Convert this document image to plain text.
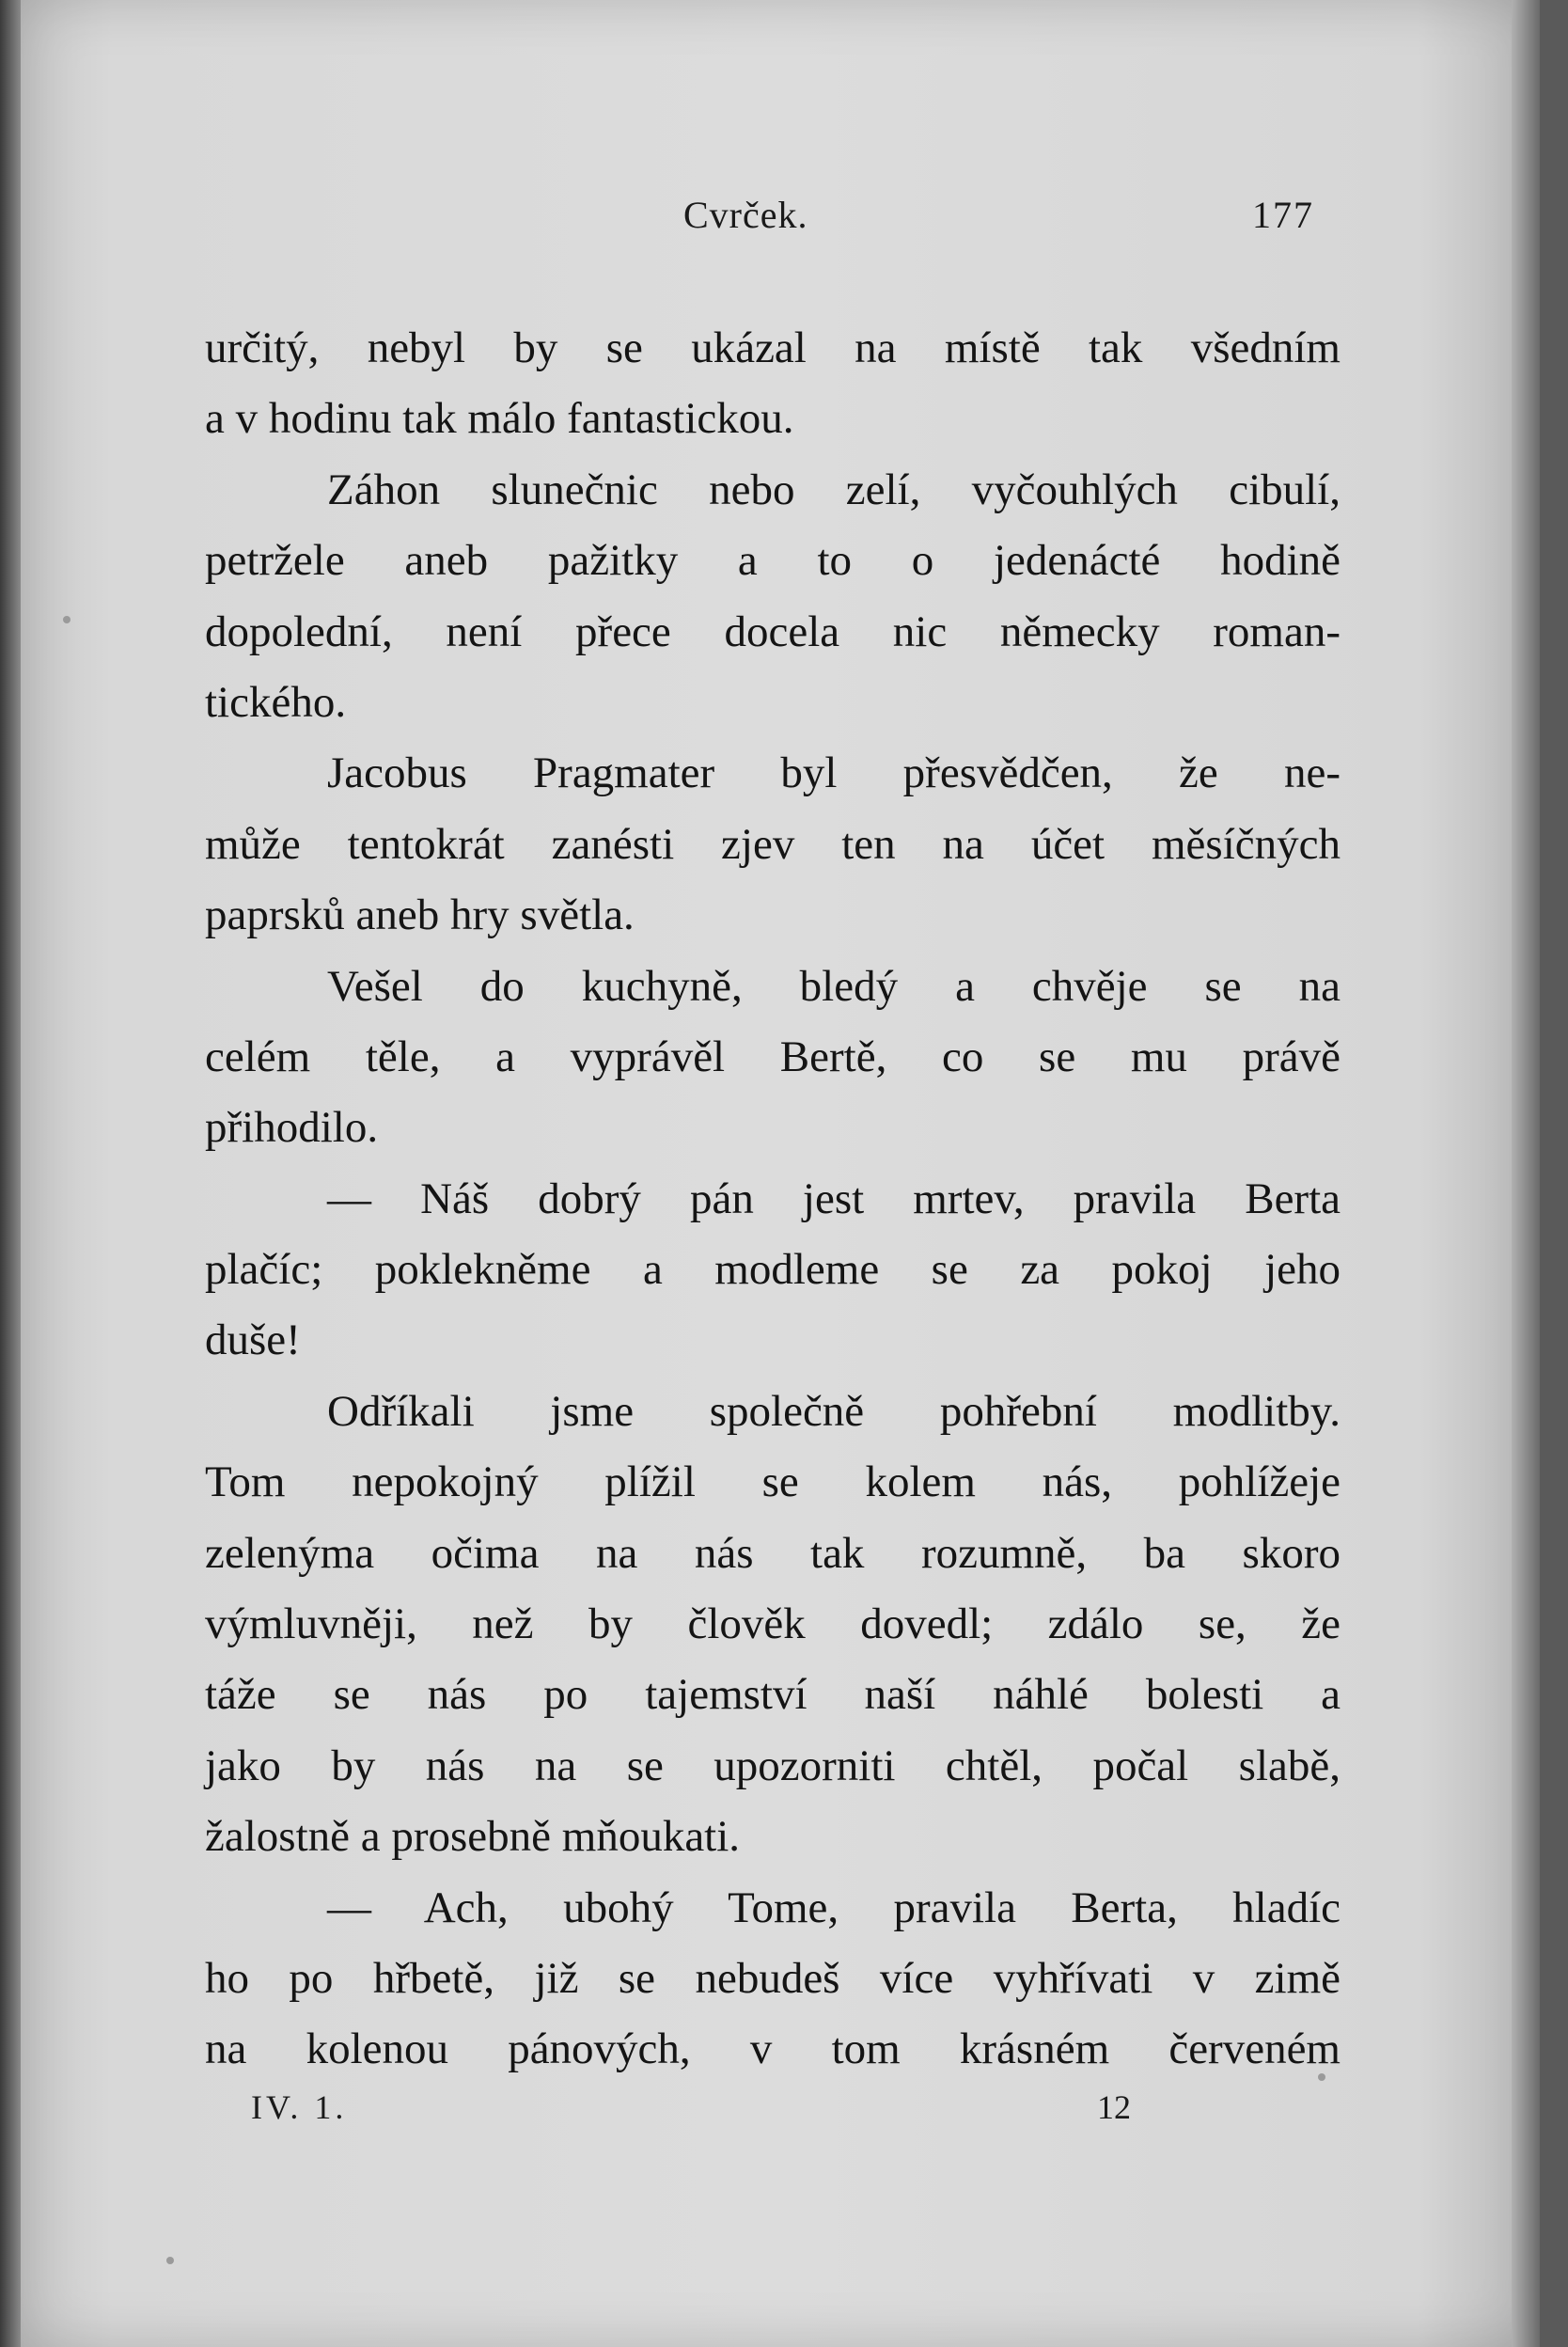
Cvrček.	177
určitý, nebyl by se ukázal na místě tak všedním
a v hodinu tak málo fantastickou.
Záhon slunečnic nebo zelí, vyčouhlých cibulí,
petržele aneb pažitky a to o jedenácté hodině
dopolední, není přece docela nic německy roman-
tického.
Jacobus Pragmater byl přesvědčen, že ne-
může tentokrát zanésti zjev ten na účet měsíčných
paprsků aneb hry světla.
Vešel do kuchyně, bledý a chvěje se na
celém těle, a vyprávěl Bertě, co se mu právě
přihodilo.
— Náš dobrý pán jest mrtev, pravila Berta
plačíc; poklekněme a modleme se za pokoj jeho
duše!
Odříkali jsme společně pohřební modlitby.
Tom nepokojný plížil se kolem nás, pohlížeje
zelenýma očima na nás tak rozumně, ba skoro
výmluvněji, než by člověk dovedl; zdálo se, že
táže se nás po tajemství naší náhlé bolesti a
jako by nás na se upozorniti chtěl, počal slabě,
žalostně a prosebně mňoukati.
— Ach, ubohý Tome, pravila Berta, hladíc
ho po hřbetě, již se nebudeš více vyhřívati v zimě
na kolenou pánových, v tom krásném červeném
IV. 1.	12
